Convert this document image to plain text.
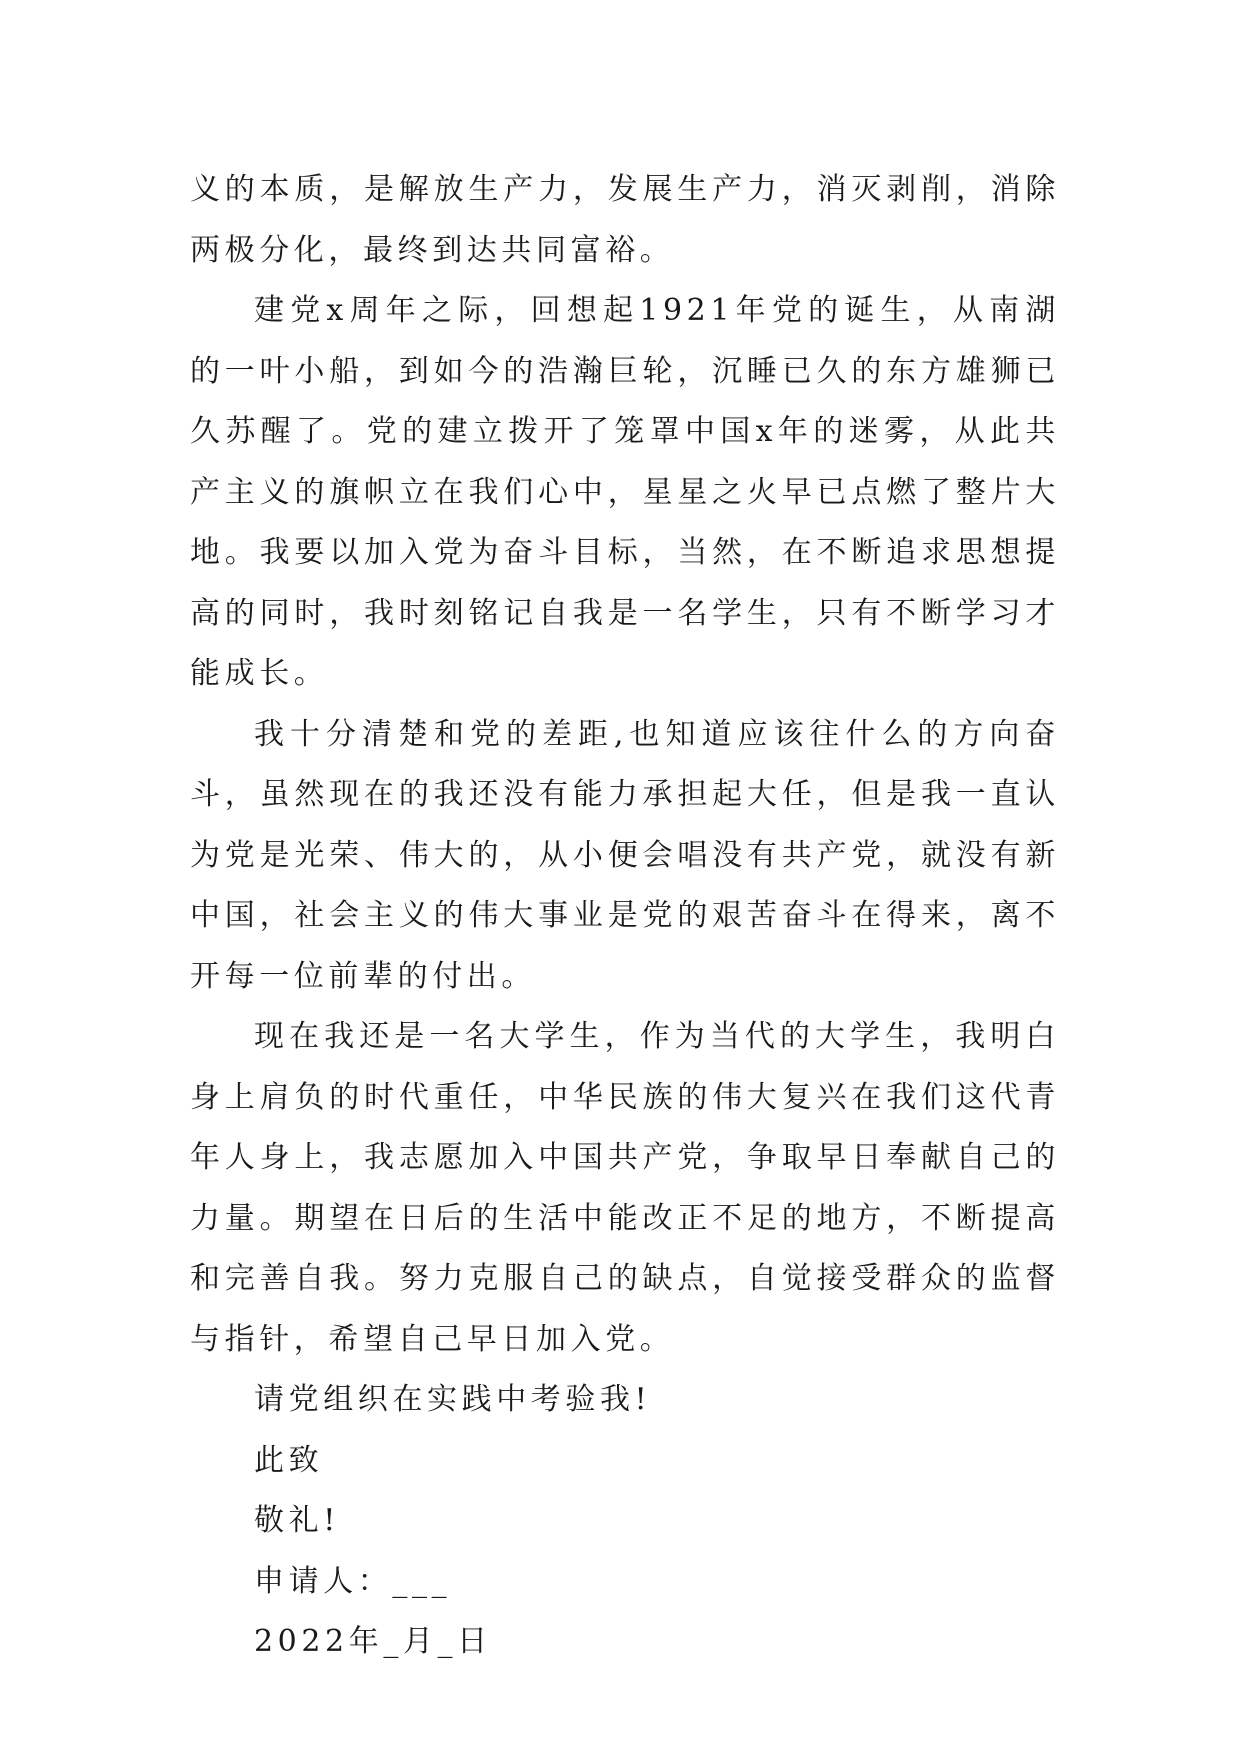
义的本质，是解放生产力，发展生产力，消灭剥削，消除两极分化，最终到达共同富裕。

建党x周年之际，回想起1921年党的诞生，从南湖的一叶小船，到如今的浩瀚巨轮，沉睡已久的东方雄狮已久苏醒了。党的建立拨开了笼罩中国x年的迷雾，从此共产主义的旗帜立在我们心中，星星之火早已点燃了整片大地。我要以加入党为奋斗目标，当然，在不断追求思想提高的同时，我时刻铭记自我是一名学生，只有不断学习才能成长。

我十分清楚和党的差距,也知道应该往什么的方向奋斗，虽然现在的我还没有能力承担起大任，但是我一直认为党是光荣、伟大的，从小便会唱没有共产党，就没有新中国，社会主义的伟大事业是党的艰苦奋斗在得来，离不开每一位前辈的付出。

现在我还是一名大学生，作为当代的大学生，我明白身上肩负的时代重任，中华民族的伟大复兴在我们这代青年人身上，我志愿加入中国共产党，争取早日奉献自己的力量。期望在日后的生活中能改正不足的地方，不断提高和完善自我。努力克服自己的缺点，自觉接受群众的监督与指针，希望自己早日加入党。

请党组织在实践中考验我!

此致

敬礼!

申请人：___

2022年_月_日
